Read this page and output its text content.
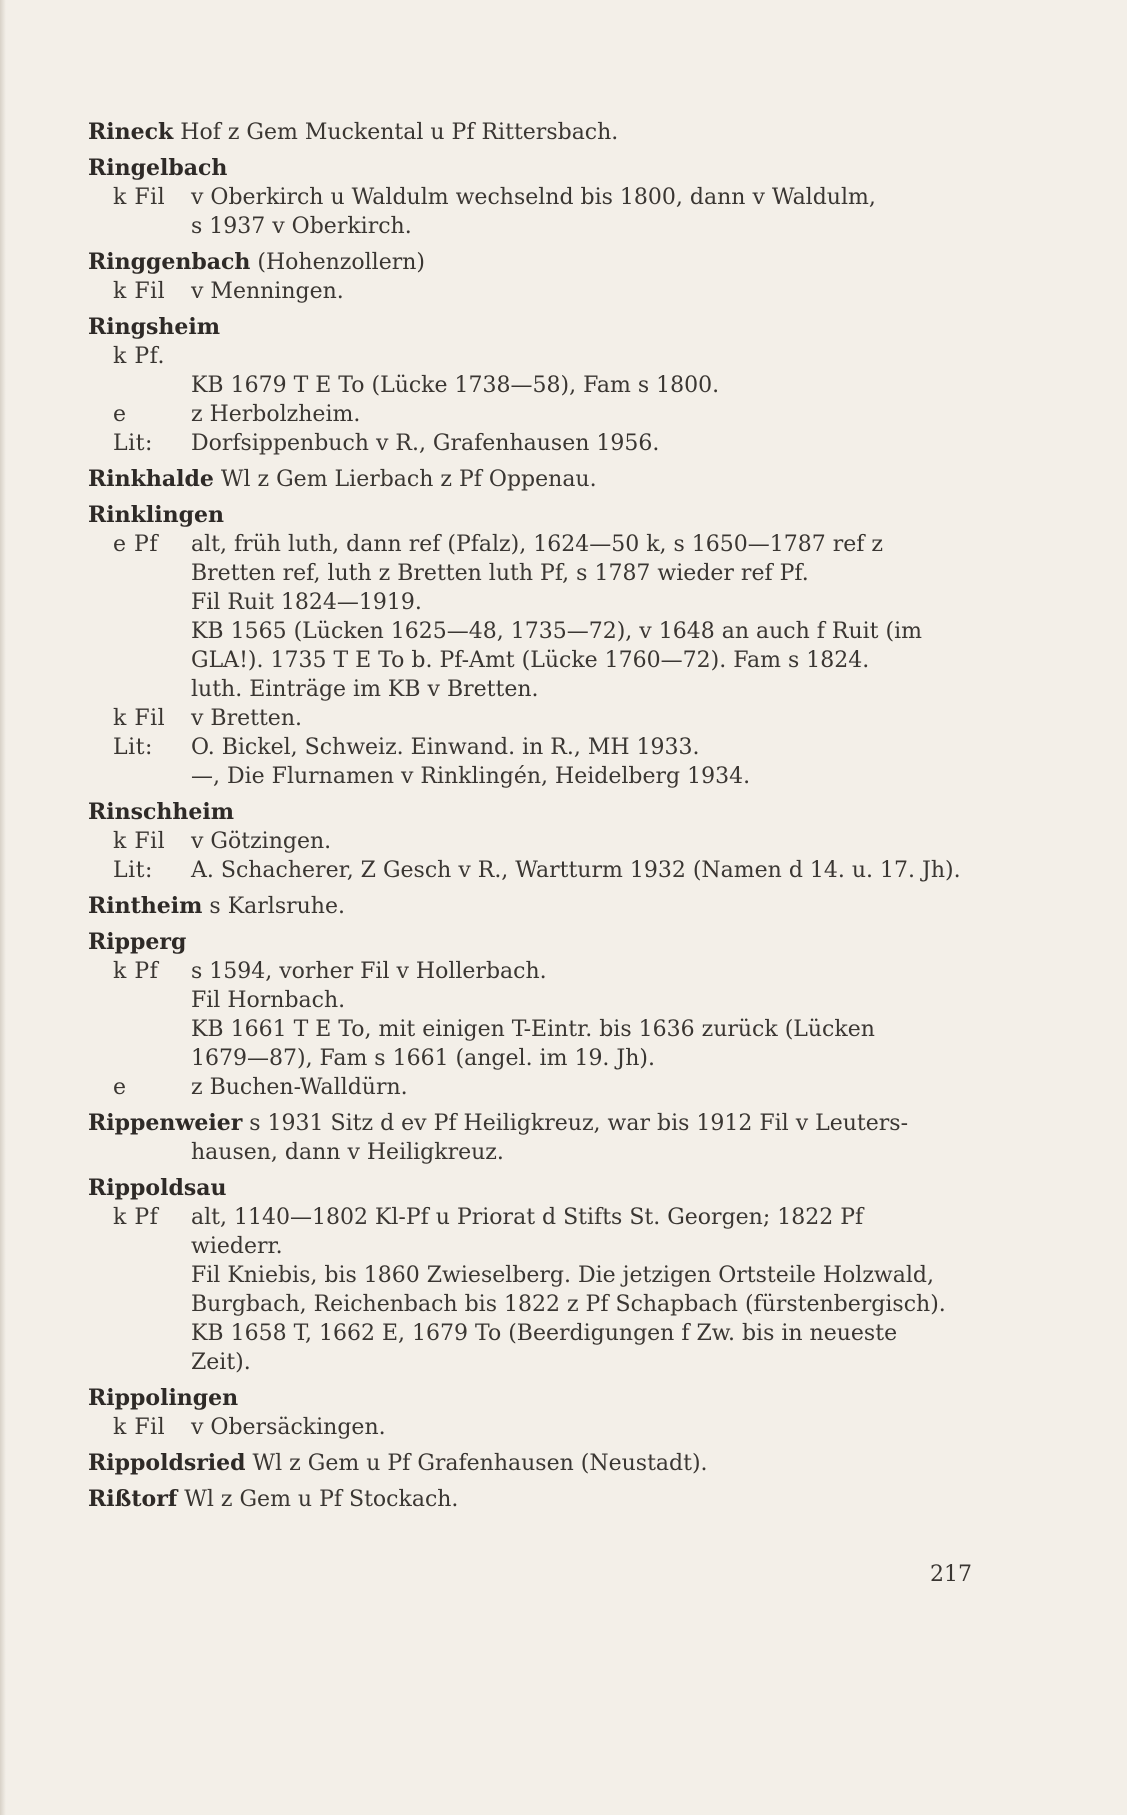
Rineck Hof z Gem Muckental u Pf Rittersbach.
Ringelbach
k Fil	v Oberkirch u Waldulm wechselnd bis 1800, dann v Waldulm,
s 1937 v Oberkirch.
Ringgenbach (Hohenzollern)
k Fil	v Menningen.
Ringsheim
k Pf.

KB 1679 T E To (Lücke 1738—58), Fam s 1800.
e	z Herbolzheim.
Lit:	Dorfsippenbuch v R., Grafenhausen 1956.
Rinkhalde Wl z Gem Lierbach z Pf Oppenau.
Rinklingen
e Pf	alt, früh luth, dann ref (Pfalz), 1624—50 k, s 1650—1787 ref z
Bretten ref, luth z Bretten luth Pf, s 1787 wieder ref Pf.
Fil Ruit 1824—1919.
KB 1565 (Lücken 1625—48, 1735—72), v 1648 an auch f Ruit (im
GLA!). 1735 T E To b. Pf-Amt (Lücke 1760—72). Fam s 1824.
luth. Einträge im KB v Bretten.
k Fil	v Bretten.
Lit:	O. Bickel, Schweiz. Einwand. in R., MH 1933.
—, Die Flurnamen v Rinklingén, Heidelberg 1934.
Rinschheim
k Fil	v Götzingen.
Lit:	A. Schacherer, Z Gesch v R., Wartturm 1932 (Namen d 14. u. 17. Jh).
Rintheim s Karlsruhe.
Ripperg
k Pf	s 1594, vorher Fil v Hollerbach.
Fil Hornbach.
KB 1661 T E To, mit einigen T-Eintr. bis 1636 zurück (Lücken
1679—87), Fam s 1661 (angel. im 19. Jh).
e	z Buchen-Walldürn.
Rippenweier s 1931 Sitz d ev Pf Heiligkreuz, war bis 1912 Fil v Leuters-
hausen, dann v Heiligkreuz.
Rippoldsau
k Pf	alt, 1140—1802 Kl-Pf u Priorat d Stifts St. Georgen; 1822 Pf
wiederr.
Fil Kniebis, bis 1860 Zwieselberg. Die jetzigen Ortsteile Holzwald,
Burgbach, Reichenbach bis 1822 z Pf Schapbach (fürstenbergisch).
KB 1658 T, 1662 E, 1679 To (Beerdigungen f Zw. bis in neueste
Zeit).
Rippolingen
k Fil	v Obersäckingen.
Rippoldsried Wl z Gem u Pf Grafenhausen (Neustadt).
Rißtorf Wl z Gem u Pf Stockach.
217
